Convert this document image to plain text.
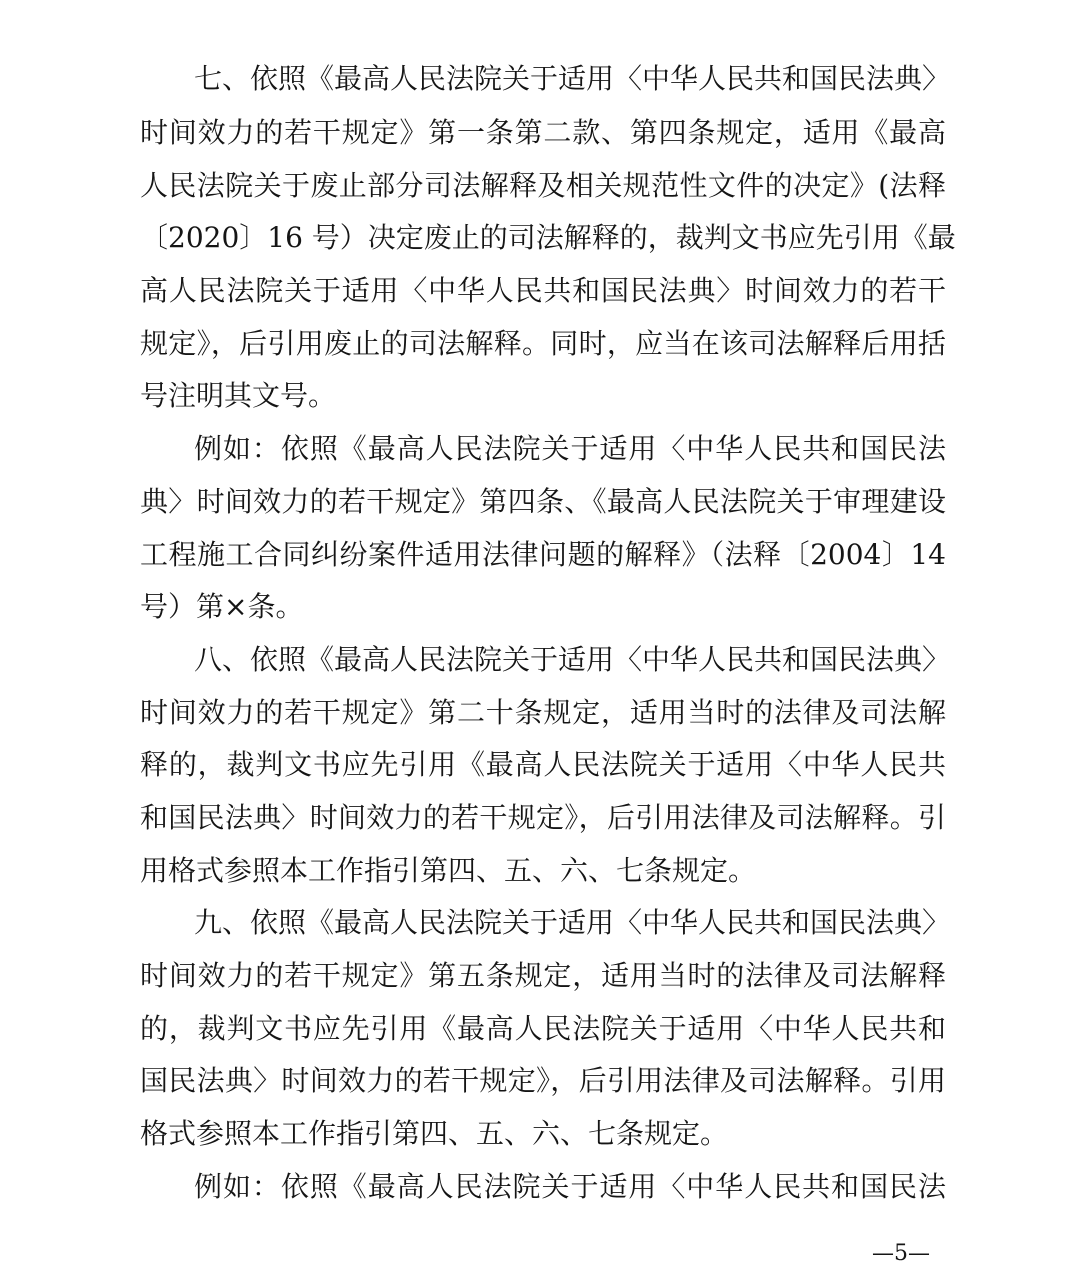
七、依照《最高人民法院关于适用〈中华人民共和国民法典〉
时间效力的若干规定》第一条第二款、第四条规定，适用《最高
人民法院关于废止部分司法解释及相关规范性文件的决定》(法释
〔2020〕16 号）决定废止的司法解释的，裁判文书应先引用《最
高人民法院关于适用〈中华人民共和国民法典〉时间效力的若干
规定》，后引用废止的司法解释。同时，应当在该司法解释后用括
号注明其文号。
例如：依照《最高人民法院关于适用〈中华人民共和国民法
典〉时间效力的若干规定》第四条、《最高人民法院关于审理建设
工程施工合同纠纷案件适用法律问题的解释》（法释〔2004〕14
号）第×条。
八、依照《最高人民法院关于适用〈中华人民共和国民法典〉
时间效力的若干规定》第二十条规定，适用当时的法律及司法解
释的，裁判文书应先引用《最高人民法院关于适用〈中华人民共
和国民法典〉时间效力的若干规定》，后引用法律及司法解释。引
用格式参照本工作指引第四、五、六、七条规定。
九、依照《最高人民法院关于适用〈中华人民共和国民法典〉
时间效力的若干规定》第五条规定，适用当时的法律及司法解释
的，裁判文书应先引用《最高人民法院关于适用〈中华人民共和
国民法典〉时间效力的若干规定》，后引用法律及司法解释。引用
格式参照本工作指引第四、五、六、七条规定。
例如：依照《最高人民法院关于适用〈中华人民共和国民法
—5—
